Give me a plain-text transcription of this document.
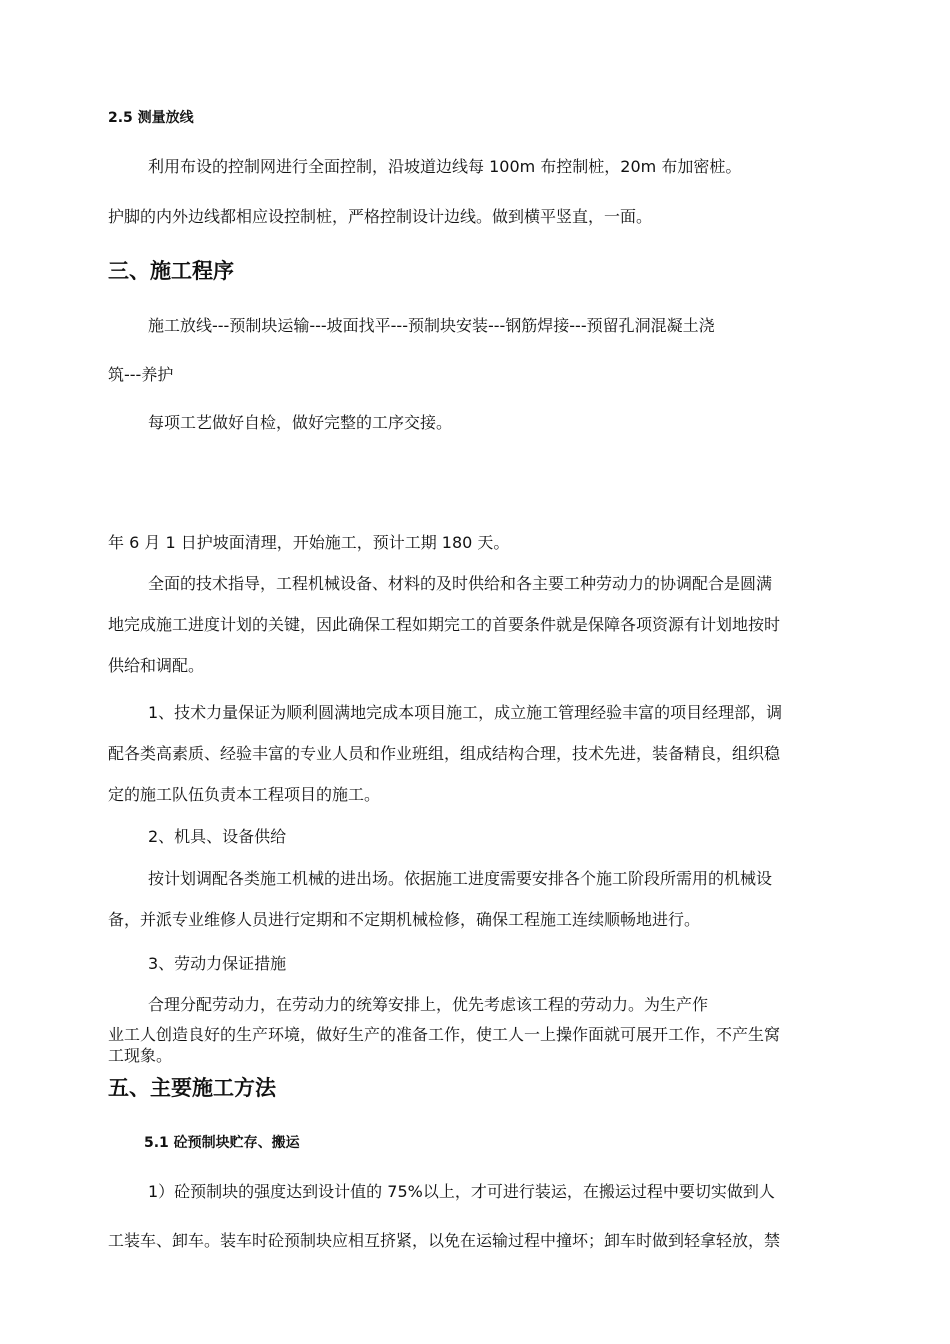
2.5 测量放线
利用布设的控制网进行全面控制，沿坡道边线每 100m 布控制桩，20m 布加密桩。
护脚的内外边线都相应设控制桩，严格控制设计边线。做到横平竖直，一面。
三、施工程序
施工放线---预制块运输---坡面找平---预制块安装---钢筋焊接---预留孔洞混凝土浇
筑---养护
每项工艺做好自检，做好完整的工序交接。
年 6 月 1 日护坡面清理，开始施工，预计工期 180 天。
全面的技术指导，工程机械设备、材料的及时供给和各主要工种劳动力的协调配合是圆满
地完成施工进度计划的关键，因此确保工程如期完工的首要条件就是保障各项资源有计划地按时
供给和调配。
1、技术力量保证为顺利圆满地完成本项目施工，成立施工管理经验丰富的项目经理部，调
配各类高素质、经验丰富的专业人员和作业班组，组成结构合理，技术先进，装备精良，组织稳
定的施工队伍负责本工程项目的施工。
2、机具、设备供给
按计划调配各类施工机械的进出场。依据施工进度需要安排各个施工阶段所需用的机械设
备，并派专业维修人员进行定期和不定期机械检修，确保工程施工连续顺畅地进行。
3、劳动力保证措施
合理分配劳动力，在劳动力的统筹安排上，优先考虑该工程的劳动力。为生产作
业工人创造良好的生产环境，做好生产的准备工作，使工人一上操作面就可展开工作，不产生窝
工现象。
五、主要施工方法
5.1 砼预制块贮存、搬运
1）砼预制块的强度达到设计值的 75%以上，才可进行装运，在搬运过程中要切实做到人
工装车、卸车。装车时砼预制块应相互挤紧，以免在运输过程中撞坏；卸车时做到轻拿轻放，禁
